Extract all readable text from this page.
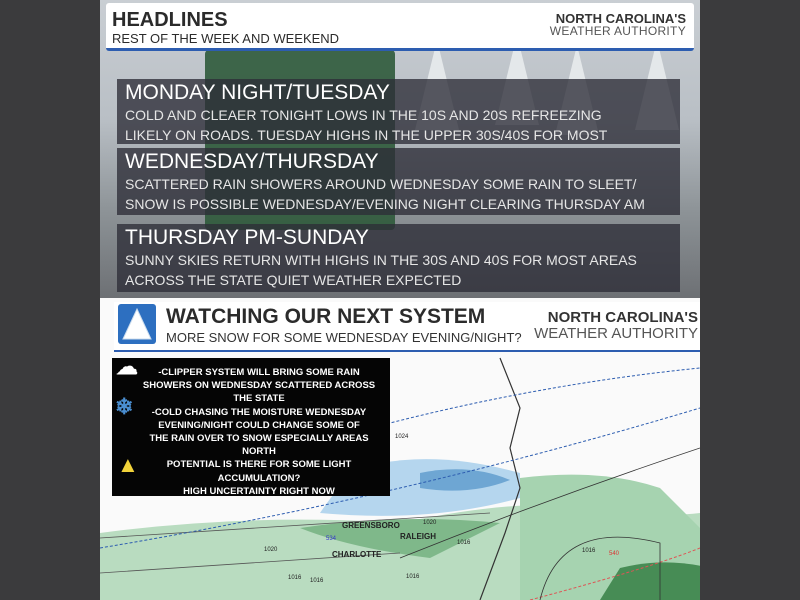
HEADLINES
REST OF THE WEEK AND WEEKEND
NORTH CAROLINA'S
WEATHER AUTHORITY
MONDAY NIGHT/TUESDAY
COLD AND CLEAER TONIGHT LOWS IN THE 10S AND 20S REFREEZING
LIKELY ON ROADS. TUESDAY HIGHS IN THE UPPER 30S/40S FOR MOST
WEDNESDAY/THURSDAY
SCATTERED RAIN SHOWERS AROUND WEDNESDAY SOME RAIN TO SLEET/
SNOW IS POSSIBLE WEDNESDAY/EVENING NIGHT CLEARING THURSDAY AM
THURSDAY PM-SUNDAY
SUNNY SKIES RETURN WITH HIGHS IN THE 30S AND 40S FOR MOST AREAS
ACROSS THE STATE QUIET WEATHER EXPECTED
GREENSBORO
RALEIGH
CHARLOTTE
1024
1020
1016
1020
1016	1016
1016
1016
534
540
WATCHING OUR NEXT SYSTEM
MORE SNOW FOR SOME WEDNESDAY EVENING/NIGHT?
NORTH CAROLINA'S
WEATHER AUTHORITY
☁
❄
▲

-CLIPPER SYSTEM WILL BRING SOME RAIN

SHOWERS ON WEDNESDAY SCATTERED ACROSS

THE STATE

-COLD CHASING THE MOISTURE WEDNESDAY

EVENING/NIGHT COULD CHANGE SOME OF

THE RAIN OVER TO SNOW ESPECIALLY AREAS

NORTH

POTENTIAL IS THERE FOR SOME LIGHT

ACCUMULATION?

HIGH UNCERTAINTY RIGHT NOW
